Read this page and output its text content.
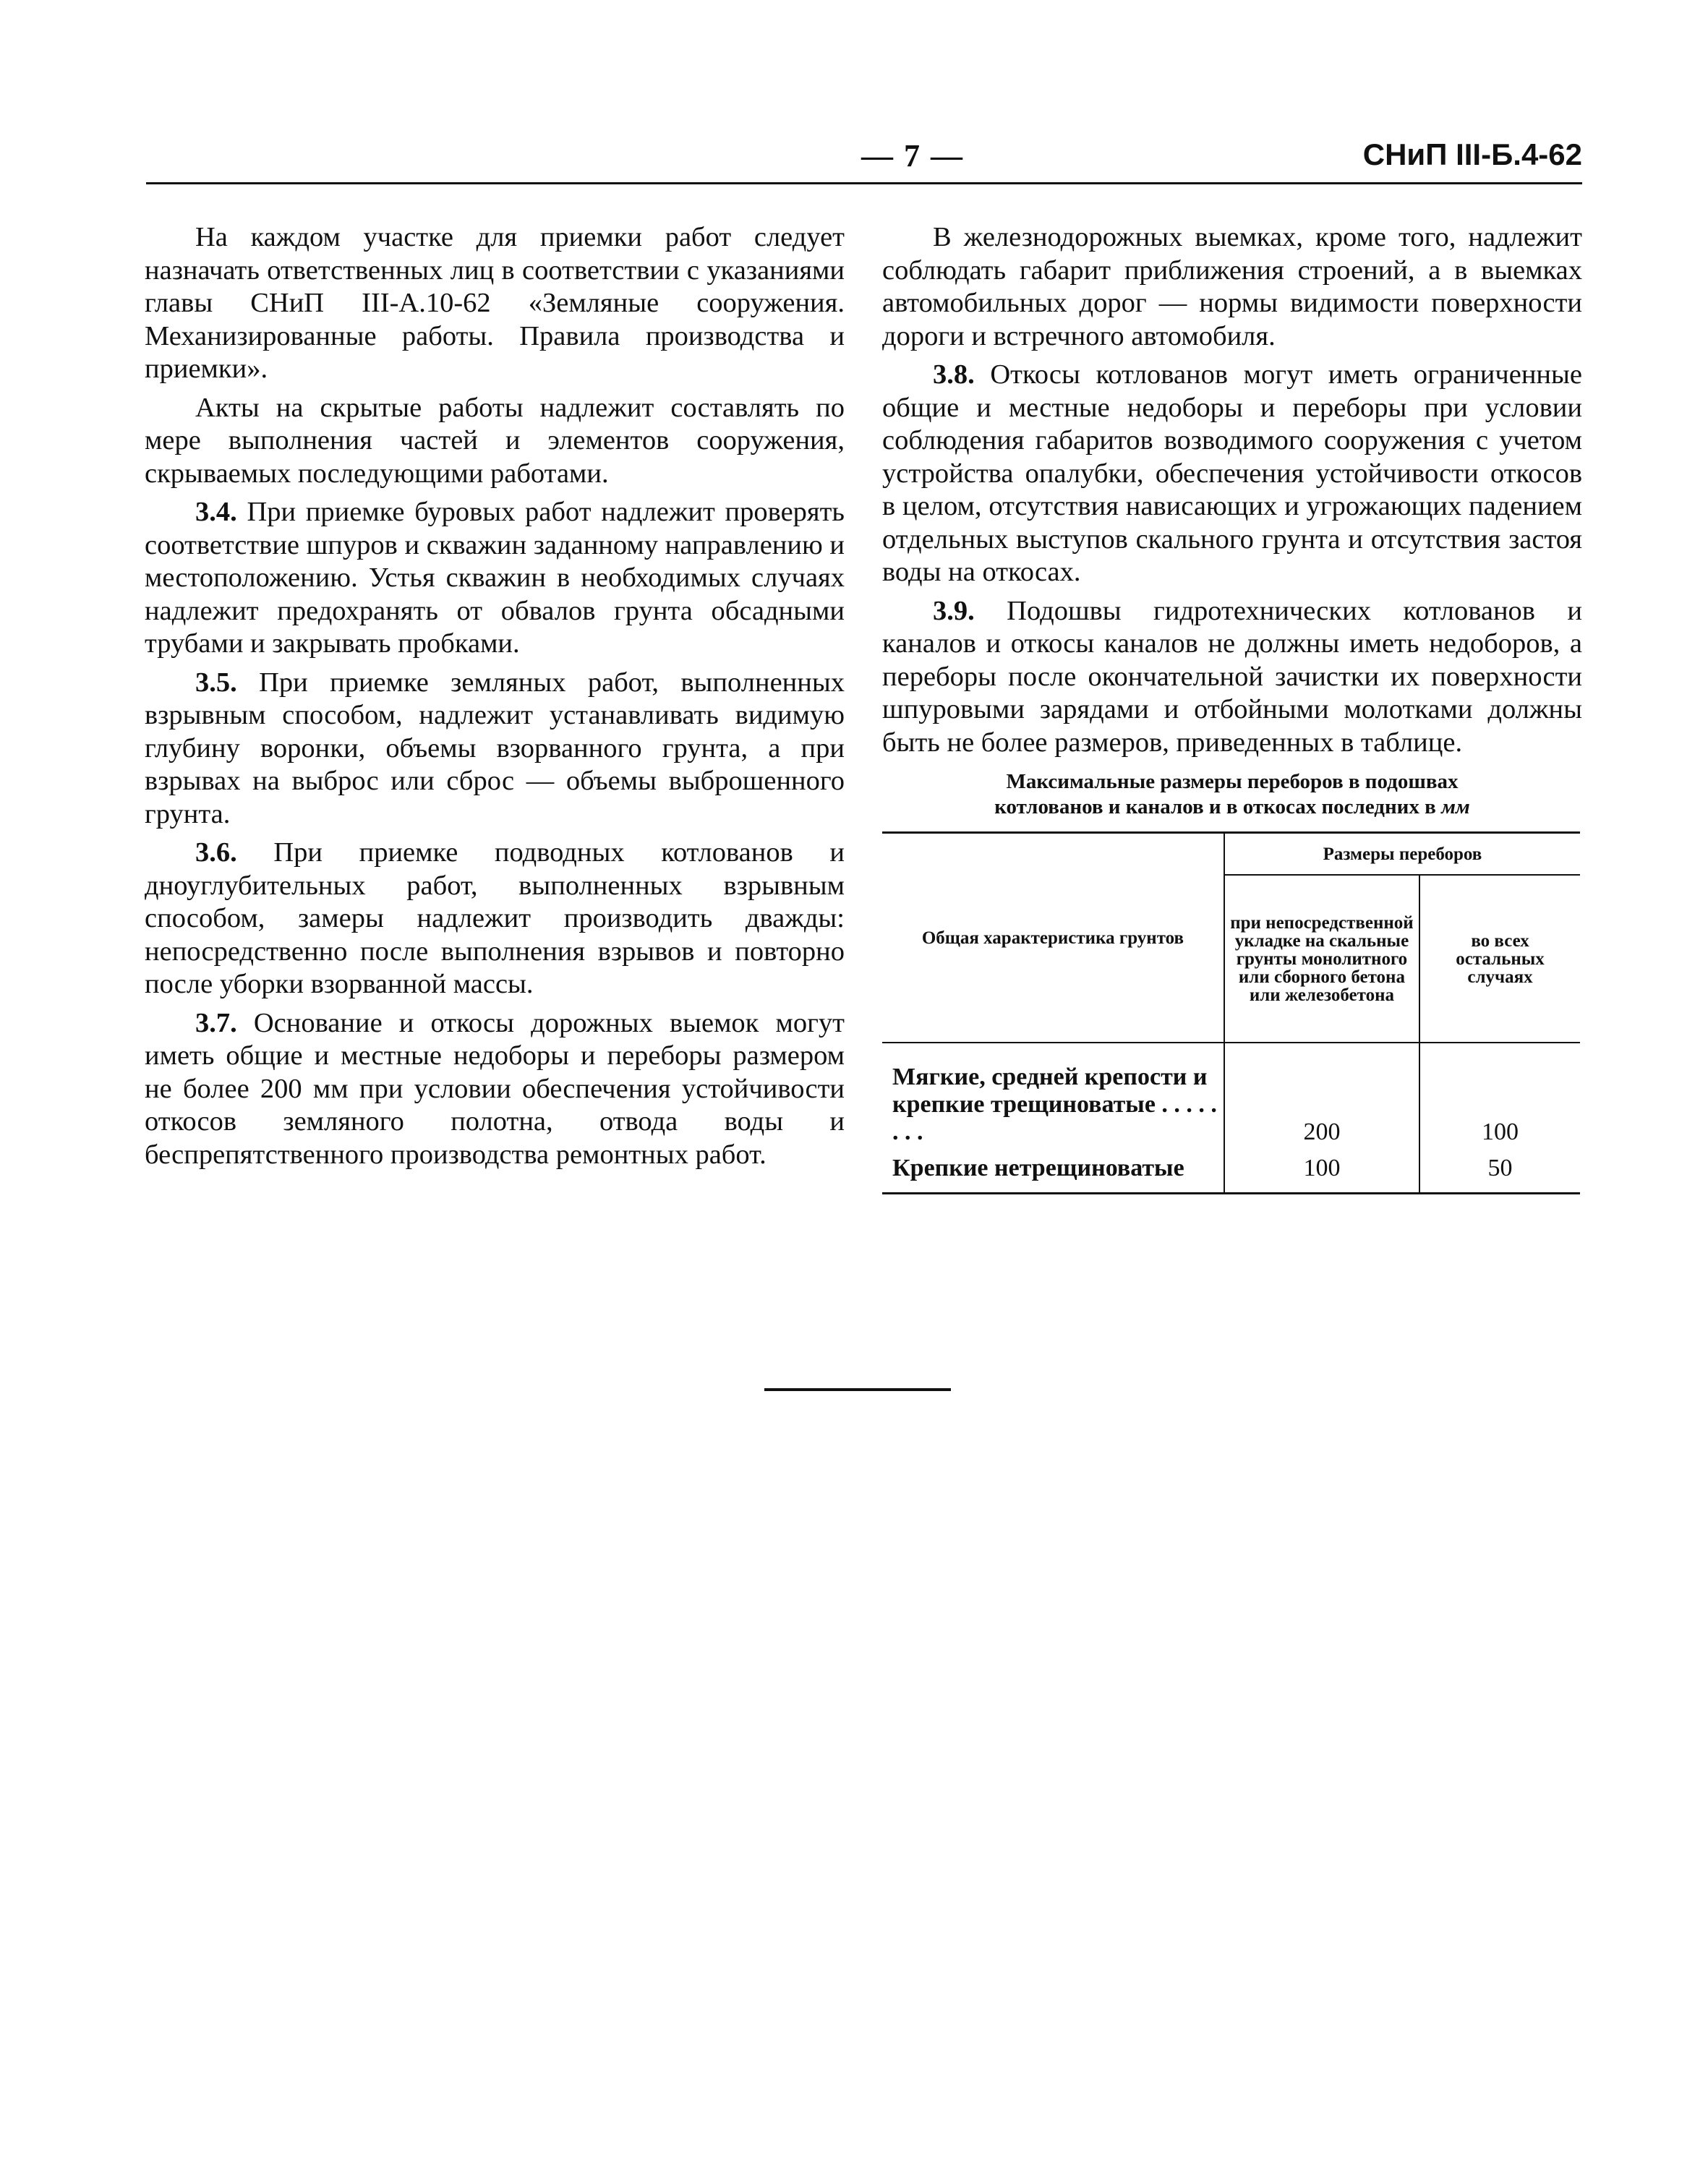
— 7 —	СНиП III-Б.4-62

На каждом участке для приемки работ следует назначать ответственных лиц в соответствии с указаниями главы СНиП III-A.10-62 «Земляные сооружения. Механизированные работы. Правила производства и приемки».

Акты на скрытые работы надлежит составлять по мере выполнения частей и элементов сооружения, скрываемых последующими работами.

3.4. При приемке буровых работ надлежит проверять соответствие шпуров и скважин заданному направлению и местоположению. Устья скважин в необходимых случаях надлежит предохранять от обвалов грунта обсадными трубами и закрывать пробками.

3.5. При приемке земляных работ, выполненных взрывным способом, надлежит устанавливать видимую глубину воронки, объемы взорванного грунта, а при взрывах на выброс или сброс — объемы выброшенного грунта.

3.6. При приемке подводных котлованов и дноуглубительных работ, выполненных взрывным способом, замеры надлежит производить дважды: непосредственно после выполнения взрывов и повторно после уборки взорванной массы.

3.7. Основание и откосы дорожных выемок могут иметь общие и местные недоборы и переборы размером не более 200 мм при условии обеспечения устойчивости откосов земляного полотна, отвода воды и беспрепятственного производства ремонтных работ.

В железнодорожных выемках, кроме того, надлежит соблюдать габарит приближения строений, а в выемках автомобильных дорог — нормы видимости поверхности дороги и встречного автомобиля.

3.8. Откосы котлованов могут иметь ограниченные общие и местные недоборы и переборы при условии соблюдения габаритов возводимого сооружения с учетом устройства опалубки, обеспечения устойчивости откосов в целом, отсутствия нависающих и угрожающих падением отдельных выступов скального грунта и отсутствия застоя воды на откосах.

3.9. Подошвы гидротехнических котлованов и каналов и откосы каналов не должны иметь недоборов, а переборы после окончательной зачистки их поверхности шпуровыми зарядами и отбойными молотками должны быть не более размеров, приведенных в таблице.

Максимальные размеры переборов в подошвах
котлованов и каналов и в откосах последних в мм
Общая характеристика грунтов	Размеры переборов	
	при непосредственной укладке на скальные грунты монолитного или сборного бетона или железобетона	во всех остальных случаях
Мягкие, средней крепости и крепкие трещиноватые . . . . . . . .	200	100
Крепкие нетрещиноватые	100	50
